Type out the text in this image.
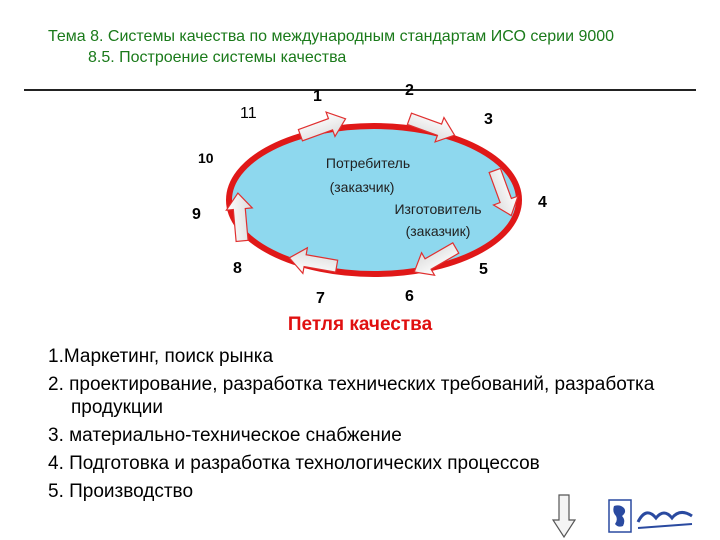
Тема 8. Системы качества по международным стандартам ИСО серии 9000
8.5. Построение системы качества
Потребитель
(заказчик)
Изготовитель
(заказчик)
1	2
3
4
5
6
7
8
9
10
11
Петля качества
1.Маркетинг, поиск рынка
2. проектирование, разработка технических требований, разработка продукции
3. материально-техническое снабжение
4. Подготовка и разработка технологических процессов
5. Производство
